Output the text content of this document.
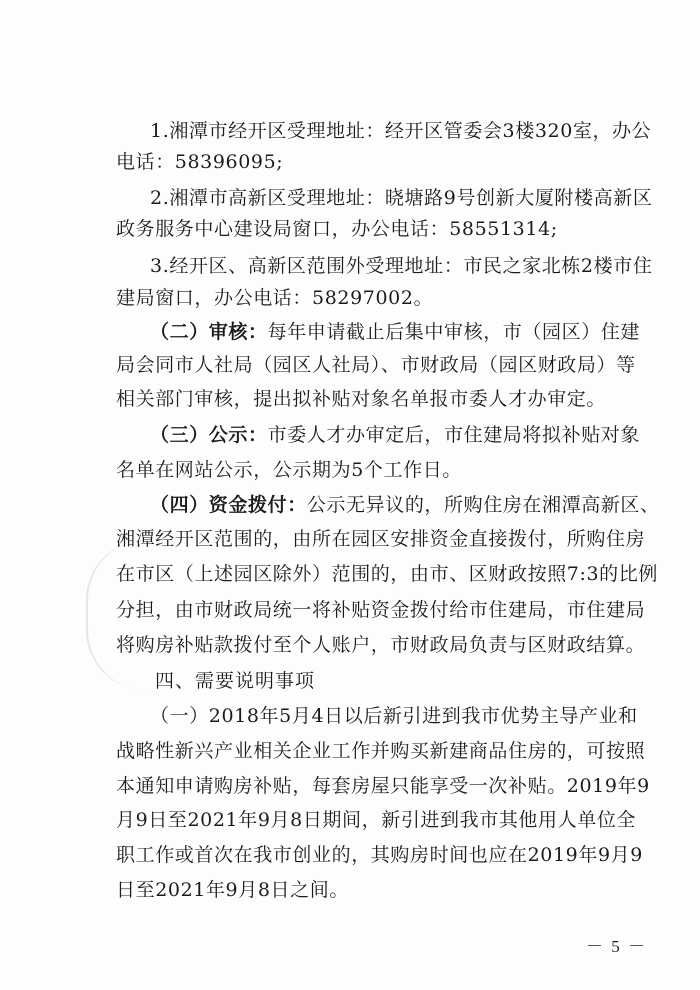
1.湘潭市经开区受理地址：经开区管委会3楼320室，办公
电话：58396095;
2.湘潭市高新区受理地址：晓塘路9号创新大厦附楼高新区
政务服务中心建设局窗口，办公电话：58551314;
3.经开区、高新区范围外受理地址：市民之家北栋2楼市住
建局窗口，办公电话：58297002。
（二）审核：每年申请截止后集中审核，市（园区）住建
局会同市人社局（园区人社局）、市财政局（园区财政局）等
相关部门审核，提出拟补贴对象名单报市委人才办审定。
（三）公示：市委人才办审定后，市住建局将拟补贴对象
名单在网站公示，公示期为5个工作日。
（四）资金拨付：公示无异议的，所购住房在湘潭高新区、
湘潭经开区范围的，由所在园区安排资金直接拨付，所购住房
在市区（上述园区除外）范围的，由市、区财政按照7:3的比例
分担，由市财政局统一将补贴资金拨付给市住建局，市住建局
将购房补贴款拨付至个人账户，市财政局负责与区财政结算。
四、需要说明事项
（一）2018年5月4日以后新引进到我市优势主导产业和
战略性新兴产业相关企业工作并购买新建商品住房的，可按照
本通知申请购房补贴，每套房屋只能享受一次补贴。2019年9
月9日至2021年9月8日期间，新引进到我市其他用人单位全
职工作或首次在我市创业的，其购房时间也应在2019年9月9
日至2021年9月8日之间。
－ 5 －
